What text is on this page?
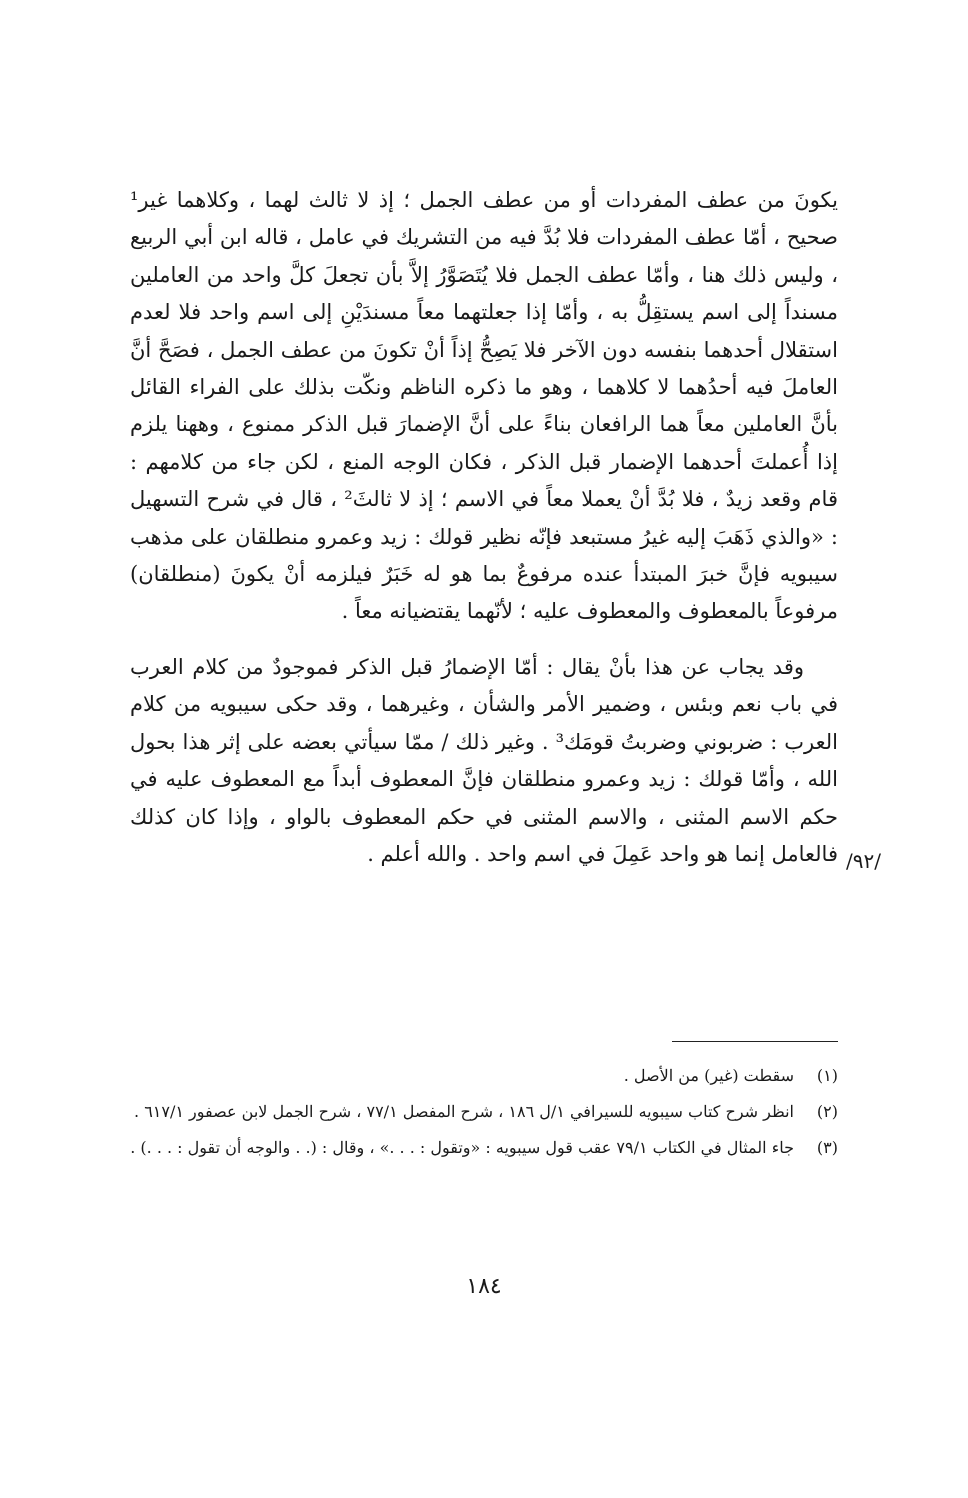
يكونَ من عطف المفردات أو من عطف الجمل ؛ إذ لا ثالث لهما ، وكلاهما غير¹ صحيح ، أمّا عطف المفردات فلا بُدَّ فيه من التشريك في عامل ، قاله ابن أبي الربيع ، وليس ذلك هنا ، وأمّا عطف الجمل فلا يُتَصَوَّرُ إلاَّ بأن تجعلَ كلَّ واحد من العاملين مسنداً إلى اسم يستقِلُّ به ، وأمّا إذا جعلتهما معاً مسندَيْنِ إلى اسم واحد فلا لعدم استقلال أحدهما بنفسه دون الآخر فلا يَصِحُّ إذاً أنْ تكونَ من عطف الجمل ، فصَحَّ أنَّ العاملَ فيه أحدُهما لا كلاهما ، وهو ما ذكره الناظم ونكّت بذلك على الفراء القائل بأنَّ العاملين معاً هما الرافعان بناءً على أنَّ الإضمارَ قبل الذكر ممنوع ، وههنا يلزم إذا أُعملتَ أحدهما الإضمار قبل الذكر ، فكان الوجه المنع ، لكن جاء من كلامهم : قام وقعد زيدٌ ، فلا بُدَّ أنْ يعملا معاً في الاسم ؛ إذ لا ثالثَ² ، قال في شرح التسهيل : «والذي ذَهَبَ إليه غيرُ مستبعد فإنّه نظير قولك : زيد وعمرو منطلقان على مذهب سيبويه فإنَّ خبرَ المبتدأ عنده مرفوعٌ بما هو له خَبَرٌ فيلزمه أنْ يكونَ (منطلقان) مرفوعاً بالمعطوف والمعطوف عليه ؛ لأنّهما يقتضيانه معاً .

وقد يجاب عن هذا بأنْ يقال : أمّا الإضمارُ قبل الذكر فموجودٌ من كلام العرب في باب نعم وبئس ، وضمير الأمر والشأن ، وغيرهما ، وقد حكى سيبويه من كلام العرب : ضربوني وضربتُ قومَك³ . وغير ذلك / ممّا سيأتي بعضه على إثر هذا بحول الله ، وأمّا قولك : زيد وعمرو منطلقان فإنَّ المعطوف أبداً مع المعطوف عليه في حكم الاسم المثنى ، والاسم المثنى في حكم المعطوف بالواو ، وإذا كان كذلك فالعامل إنما هو واحد عَمِلَ في اسم واحد . والله أعلم . /٩٢/
(١)
سقطت (غير) من الأصل .
(٢)
انظر شرح كتاب سيبويه للسيرافي ١/ل ١٨٦ ، شرح المفصل ٧٧/١ ، شرح الجمل لابن عصفور ٦١٧/١ .
(٣)
جاء المثال في الكتاب ٧٩/١ عقب قول سيبويه : «وتقول : . . .» ، وقال : (. . والوجه أن تقول : . . .) .
١٨٤
